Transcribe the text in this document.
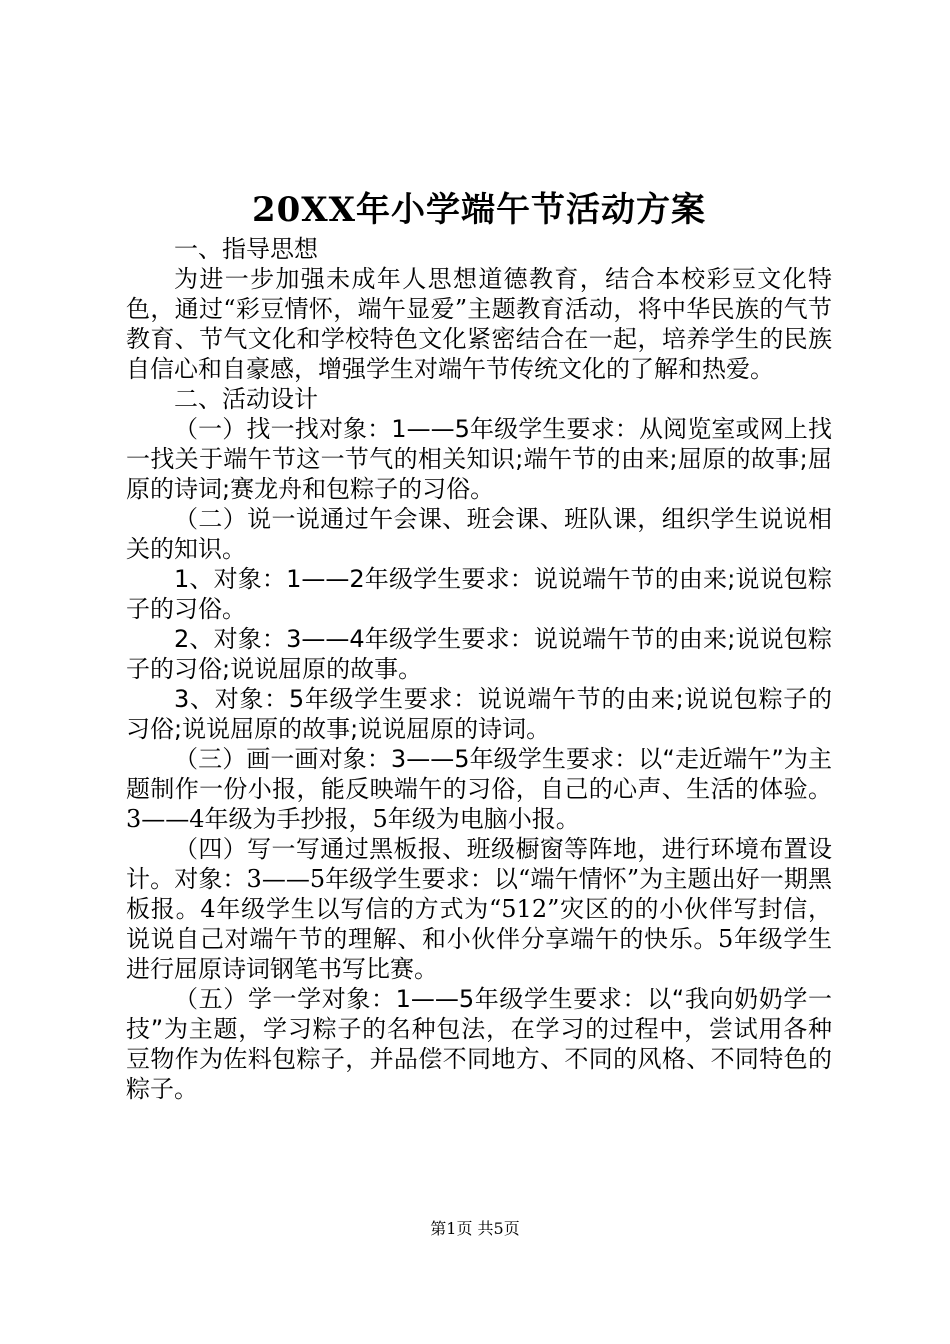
20XX年小学端午节活动方案

一、指导思想

为进一步加强未成年人思想道德教育，结合本校彩豆文化特色，通过“彩豆情怀，端午显爱”主题教育活动，将中华民族的气节教育、节气文化和学校特色文化紧密结合在一起，培养学生的民族自信心和自豪感，增强学生对端午节传统文化的了解和热爱。

二、活动设计

（一）找一找对象：1——5年级学生要求：从阅览室或网上找一找关于端午节这一节气的相关知识;端午节的由来;屈原的故事;屈原的诗词;赛龙舟和包粽子的习俗。

（二）说一说通过午会课、班会课、班队课，组织学生说说相关的知识。

1、对象：1——2年级学生要求：说说端午节的由来;说说包粽子的习俗。

2、对象：3——4年级学生要求：说说端午节的由来;说说包粽子的习俗;说说屈原的故事。

3、对象：5年级学生要求：说说端午节的由来;说说包粽子的习俗;说说屈原的故事;说说屈原的诗词。

（三）画一画对象：3——5年级学生要求：以“走近端午”为主题制作一份小报，能反映端午的习俗，自己的心声、生活的体验。3——4年级为手抄报，5年级为电脑小报。

（四）写一写通过黑板报、班级橱窗等阵地，进行环境布置设计。对象：3——5年级学生要求：以“端午情怀”为主题出好一期黑板报。4年级学生以写信的方式为“512”灾区的的小伙伴写封信，说说自己对端午节的理解、和小伙伴分享端午的快乐。5年级学生进行屈原诗词钢笔书写比赛。

（五）学一学对象：1——5年级学生要求：以“我向奶奶学一技”为主题，学习粽子的名种包法，在学习的过程中，尝试用各种豆物作为佐料包粽子，并品偿不同地方、不同的风格、不同特色的粽子。

第1页 共5页
